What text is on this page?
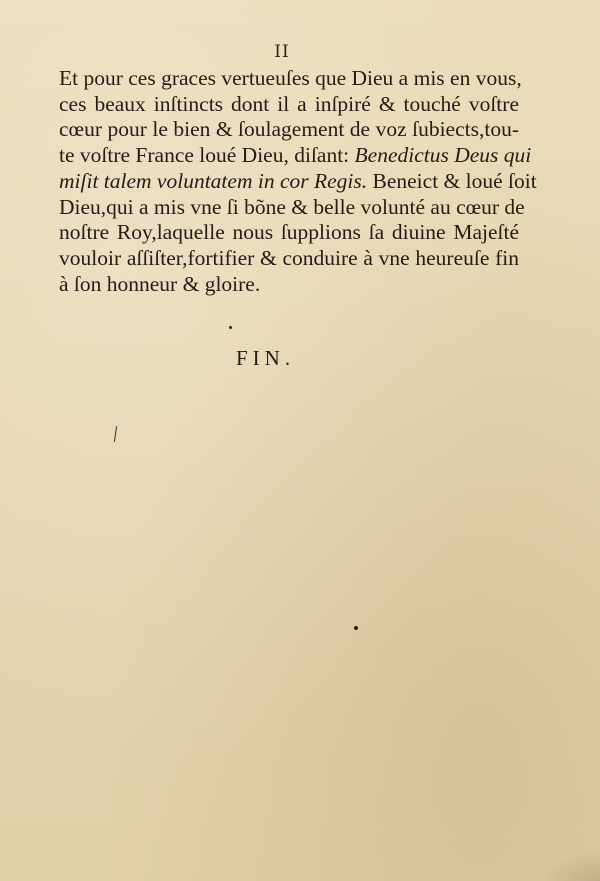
II
Et pour ces graces vertueuſes que Dieu a mis en vous,
ces beaux inſtincts dont il a inſpiré & touché voſtre
cœur pour le bien & ſoulagement de voz ſubiects,tou-
te voſtre France loué Dieu, diſant: Benedictus Deus qui
miſit talem voluntatem in cor Regis. Beneict & loué ſoit
Dieu,qui a mis vne ſi bõne & belle volunté au cœur de
noſtre Roy,laquelle nous ſupplions ſa diuine Majeſté
vouloir aſſiſter,fortifier & conduire à vne heureuſe fin
à ſon honneur & gloire.
FIN.
